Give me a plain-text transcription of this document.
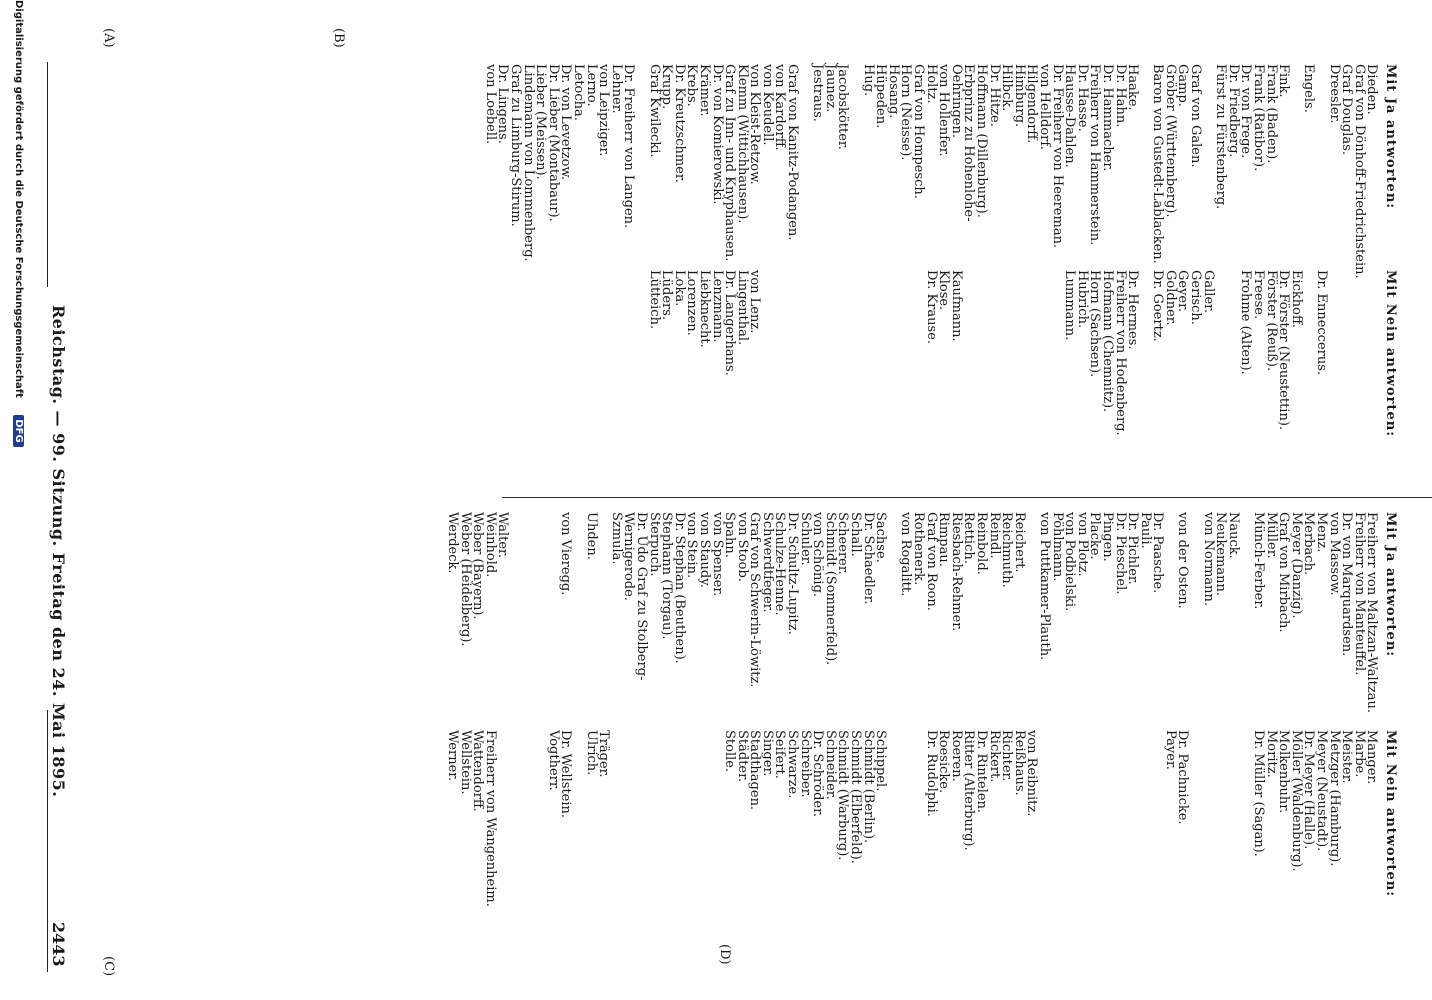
Reichstag. — 99. Sitzung. Freitag den 24. Mai 1895.
2443
(A)	(B)
(C)
(D)
Mit Ja antworten:
Dieden.
Graf von Dönhoff-Friedrichstein.
Graf Douglas.
Dreesler.

Engels.

Fink.
Frank (Baden).
Frank (Ratibor).
Dr. von Frege.
Dr. Friedberg.
Fürst zu Fürstenberg.

Graf von Galen.
Gamp.
Gröber (Württemberg).
Baron von Gustedt-Lablacken.

Haake.
Dr. Hahn.
Dr. Hammacher.
Freiherr von Hammerstein.
Dr. Hasse.
Hausse-Dahlen.
Dr. Freiherr von Heereman.
von Helldorf.
Hilgendorff.
Himburg.
Hilbck.
Dr. Hitze.
Hoffmann (Dillenburg).
Erbprinz zu Hohenlohe-
Oehringen.
von Hollenfer.
Holtz.
Graf von Hompesch.
Horn (Neisse).
Hosang.
Hüpeden.
Hug.

Jacobskötter.
Jaunez.
Jestraus.

Graf von Kanitz-Podangen.
von Kardorff.
von Keudell.
von Kleist-Retzow.
Klemm (Wittichhausen).
Graf zu Inn- und Knyphausen.
Dr. von Komierowski.
Krämer.
Krebs.
Dr. Kreutzschmer.
Krupp.
Graf Kwilecki.

Dr. Freiherr von Langen.
Lehner.
von Leipziger.
Lerno.
Letocha.
Dr. von Levetzow.
Dr. Lieber (Montabaur).
Lieber (Meissen).
Lindemann von Lommenberg.
Graf zu Limburg-Stirum.
Dr. Lingens.
von Loebell.
Mit Nein antworten:

Dr. Enneccerus.

Eickhoff.
Dr. Förster (Neustettin).
Förster (Reuß).
Freese.
Frohme (Alten).

Galler.
Gerisch.
Geyer.
Goldner.
Dr. Goertz.

Dr. Hermes.
Freiherr von Hodenberg.
Hofmann (Chemnitz).
Horn (Sachsen).
Hubrich.
Lummann.

Kaufmann.
Klose.
Dr. Krause.

von Lenz.
Lingenthal.
Dr. Langerhans.
Lenzmann.
Liebknecht.
Lorenzen.
Loka.
Lüders.
Lütteich.
Mit Ja antworten:
Freiherr von Maltzan-Waltzau.
Freiherr von Manteuffel.
Dr. von Marquardsen.
von Massow.
Menz.
Merbach.
Meyer (Danzig).
Graf von Mirbach.
Müller.
Münch-Ferber.

Nauck.
Neukemann.
von Normann.

von der Osten.

Dr. Paasche.
Pauli.
Dr. Pichler.
Dr. Pieschel.
Pingen.
Placke.
von Plotz.
von Podbielski.
Pöhlmann.
von Puttkamer-Plauth.

Reichert.
Reichmuth.
Reindl.
Reinbold.
Rettich.
Riesbach-Rehmer.
Rimpau.
Graf von Roon.
Rothenerk.
von Rogalitt.

Sachse.
Dr. Schaedler.
Schall.
Scheerer.
Schmidt (Sommerfeld).
von Schönig.
Schuler.
Dr. Schultz-Lupitz.
Schulze-Henne.
Schwerdtfeger.
Graf von Schwerin-Löwitz.
von Stoob.
Spahn.
von Spenser.
von Staudy.
von Stein.
Dr. Stephan (Beuthen).
Stephann (Torgau).
Sterpuch.
Dr. Udo Graf zu Stolberg-
Wernigerode.
Szmula.

Uhden.

von Vieregg.

Walter.
Weinhold.
Weber (Bayern).
Weber (Heidelberg).
Werdeck.
Mit Nein antworten:
Manger.
Marbe.
Meister.
Metzger (Hamburg).
Meyer (Neustadt).
Dr. Meyer (Halle).
Möller (Waldenburg).
Molkenbuhr.
Moritz.
Dr. Müller (Sagan).

Dr. Pachnicke.
Payer.

von Reibnitz.
Reißhaus.
Richter.
Rickert.
Dr. Rintelen.
Ritter (Alterburg).
Roeren.
Roesicke.
Dr. Rudolphi.

Schippel.
Schmidt (Berlin).
Schmidt (Elberfeld).
Schmidt (Warburg).
Schneider.
Dr. Schröder.
Schreiber.
Schwarze.
Seifert.
Singer.
Stadthagen.
Städter.
Stolle.

Träger.
Ulrich.

Dr. Wellstein.
Vogtherr.

Freiherr von Wangenheim.
Wattendorff.
Wellstein.
Werner.
Digitalisierung gefördert durch die Deutsche Forschungsgemeinschaft DFG
